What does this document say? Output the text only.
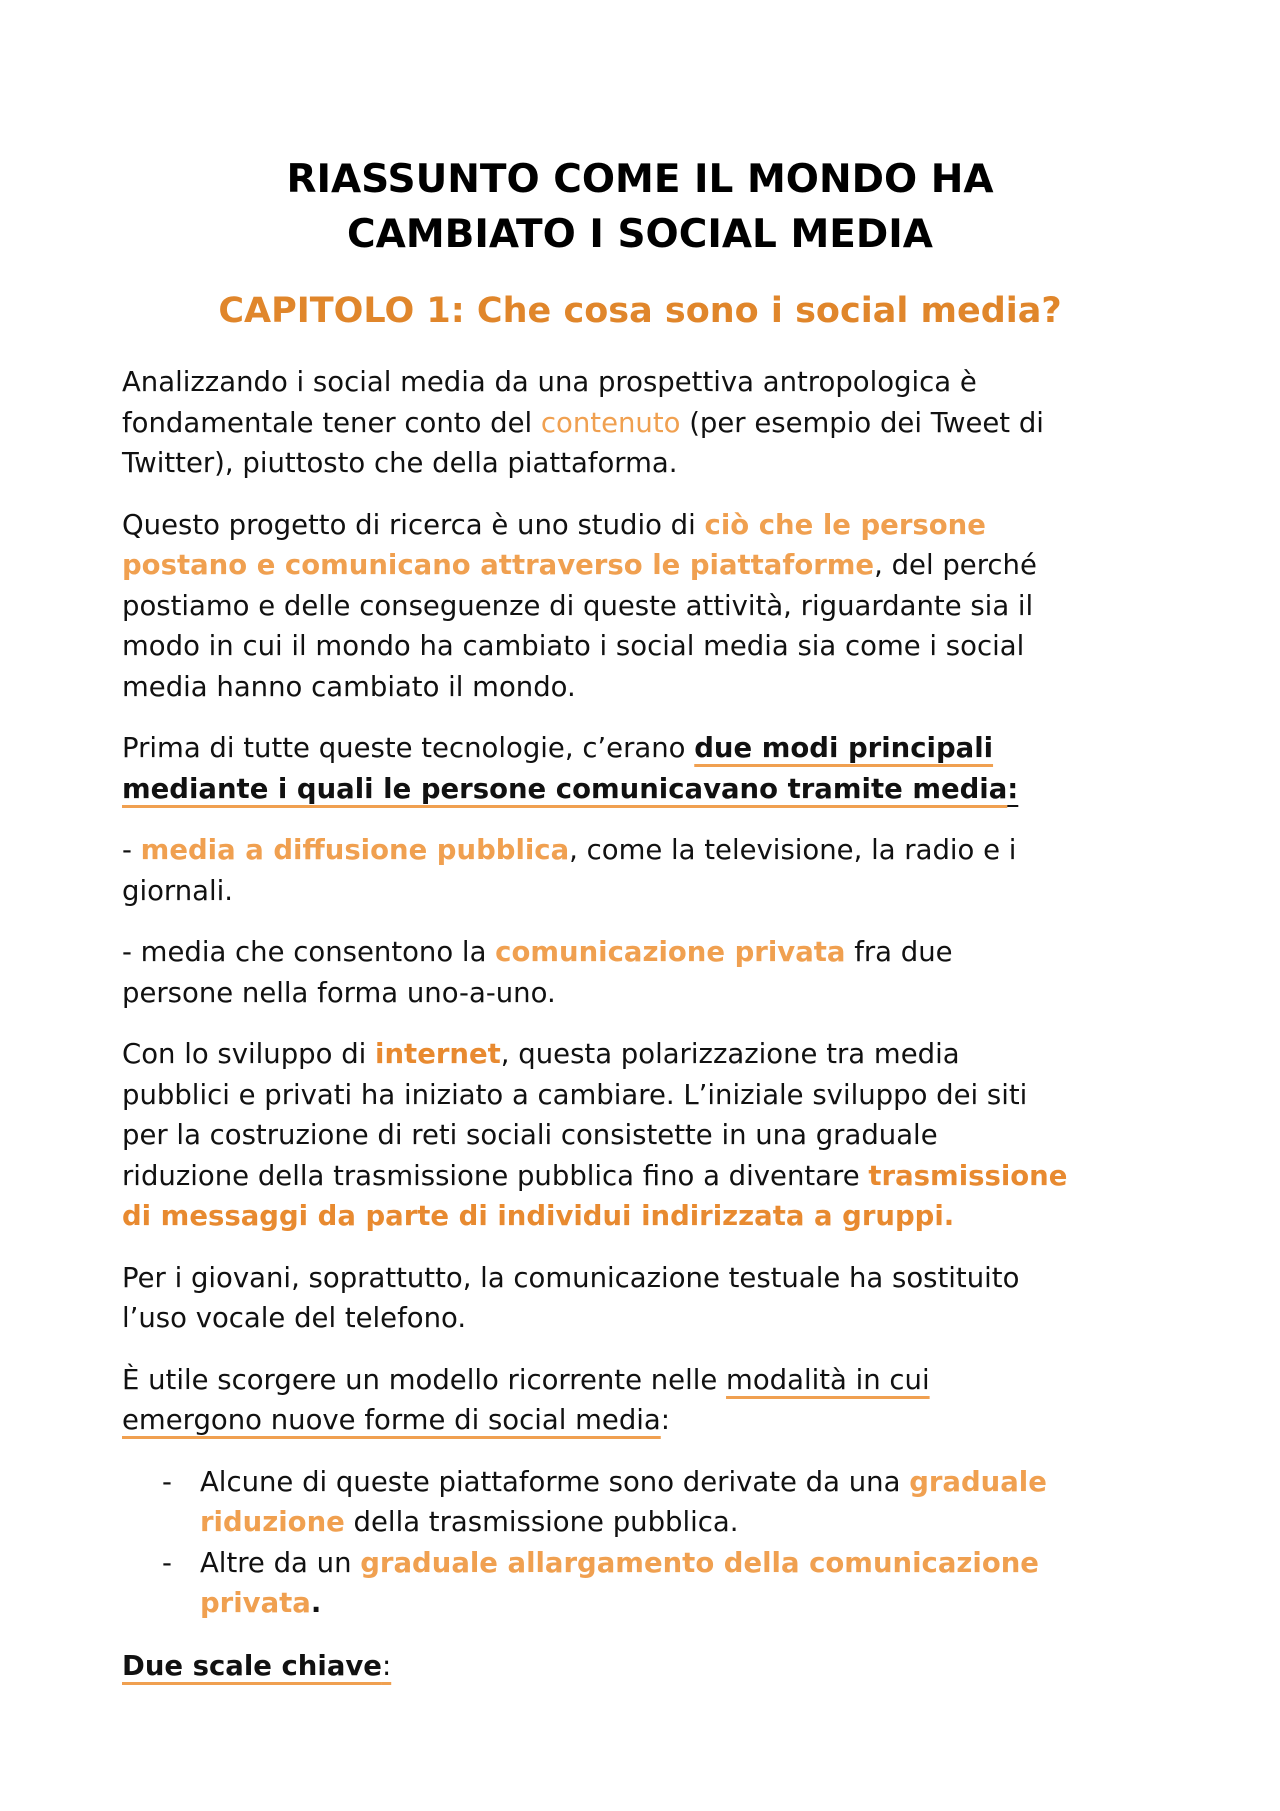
RIASSUNTO COME IL MONDO HA
CAMBIATO I SOCIAL MEDIA
CAPITOLO 1: Che cosa sono i social media?

Analizzando i social media da una prospettiva antropologica è
fondamentale tener conto del contenuto (per esempio dei Tweet di
Twitter), piuttosto che della piattaforma.

Questo progetto di ricerca è uno studio di ciò che le persone
postano e comunicano attraverso le piattaforme, del perché
postiamo e delle conseguenze di queste attività, riguardante sia il
modo in cui il mondo ha cambiato i social media sia come i social
media hanno cambiato il mondo.

Prima di tutte queste tecnologie, c’erano due modi principali
mediante i quali le persone comunicavano tramite media:

- media a diffusione pubblica, come la televisione, la radio e i
giornali.

- media che consentono la comunicazione privata fra due
persone nella forma uno-a-uno.

Con lo sviluppo di internet, questa polarizzazione tra media
pubblici e privati ha iniziato a cambiare. L’iniziale sviluppo dei siti
per la costruzione di reti sociali consistette in una graduale
riduzione della trasmissione pubblica fino a diventare trasmissione
di messaggi da parte di individui indirizzata a gruppi.

Per i giovani, soprattutto, la comunicazione testuale ha sostituito
l’uso vocale del telefono.

È utile scorgere un modello ricorrente nelle modalità in cui
emergono nuove forme di social media:

- Alcune di queste piattaforme sono derivate da una graduale
riduzione della trasmissione pubblica.
- Altre da un graduale allargamento della comunicazione
privata.

Due scale chiave:
